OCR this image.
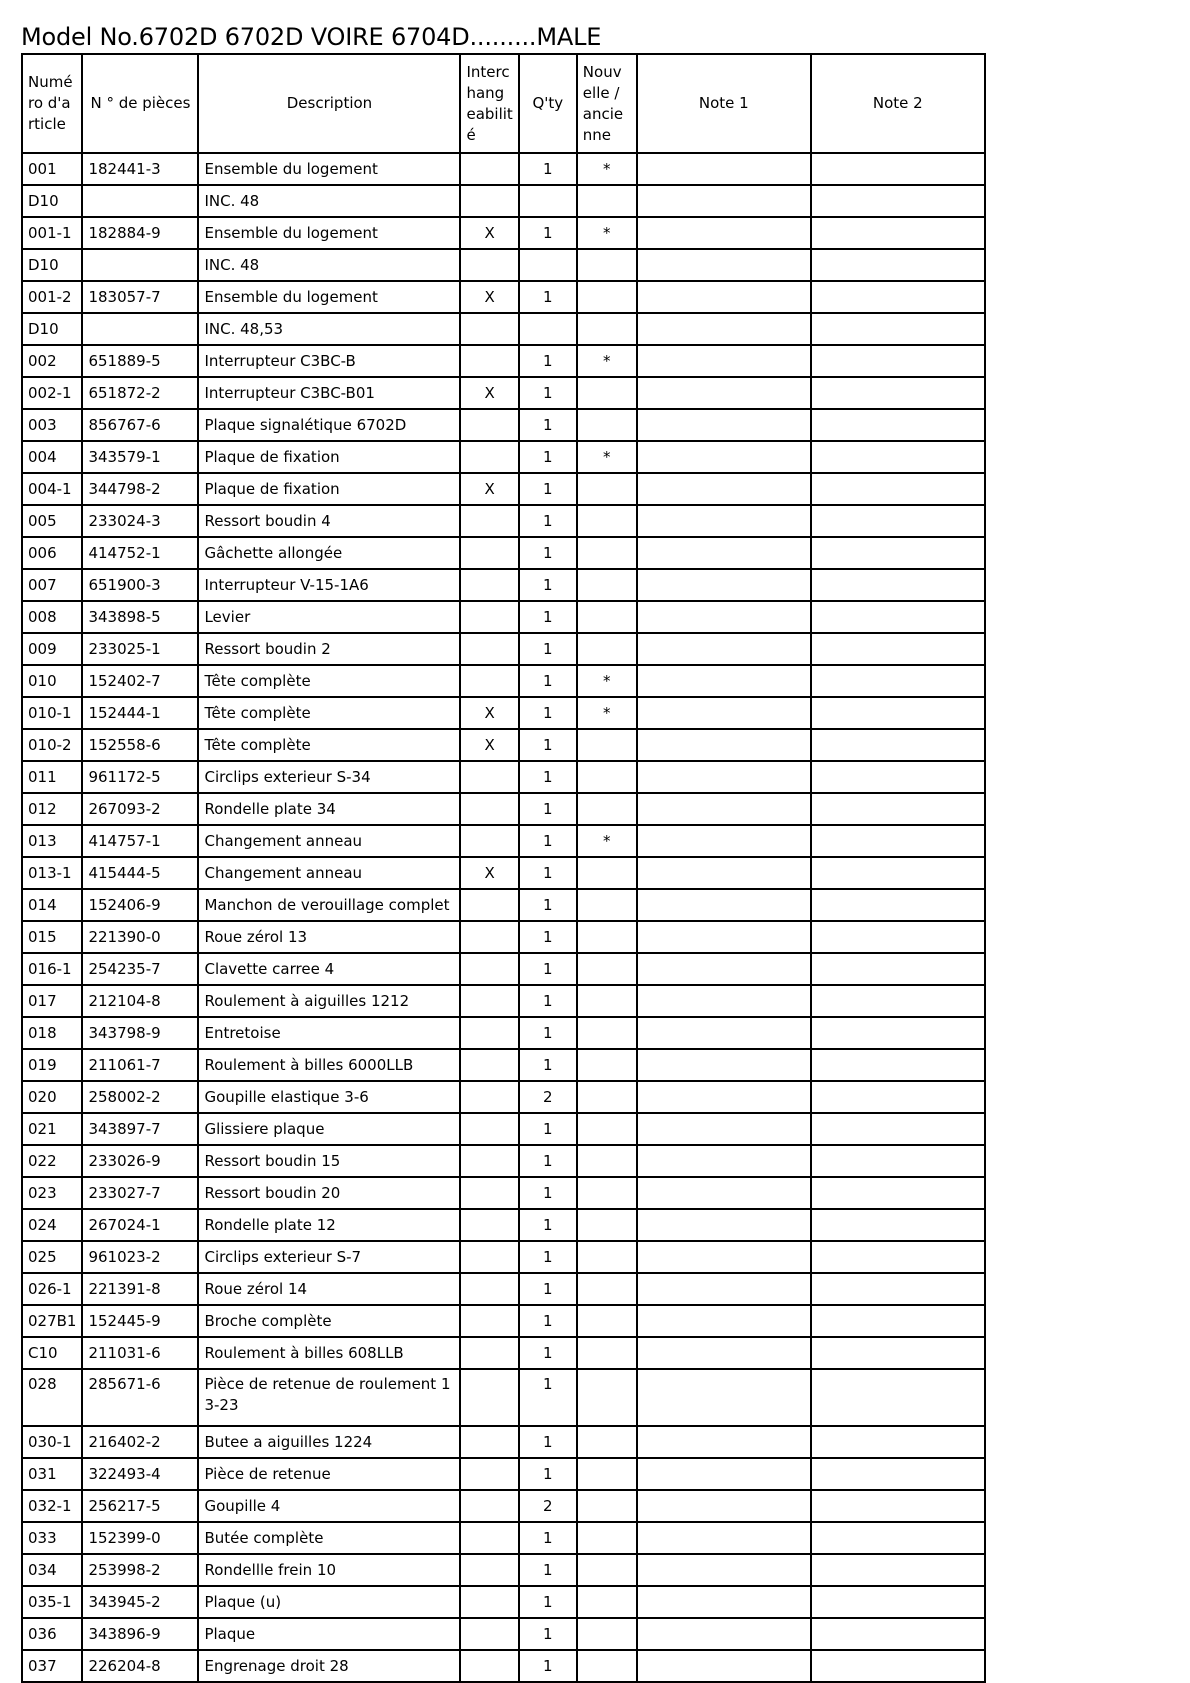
Model No.6702D 6702D VOIRE 6704D.........MALE
Numé ro d'a rticle	N ° de pièces	Description	Interc hang eabilit é	Q'ty	Nouv elle / ancie nne	Note 1	Note 2
001	182441-3	Ensemble du logement		1	*		
D10		INC. 48					
001-1	182884-9	Ensemble du logement	X	1	*		
D10		INC. 48					
001-2	183057-7	Ensemble du logement	X	1			
D10		INC. 48,53					
002	651889-5	Interrupteur C3BC-B		1	*		
002-1	651872-2	Interrupteur C3BC-B01	X	1			
003	856767-6	Plaque signalétique 6702D		1			
004	343579-1	Plaque de fixation		1	*		
004-1	344798-2	Plaque de fixation	X	1			
005	233024-3	Ressort boudin 4		1			
006	414752-1	Gâchette allongée		1			
007	651900-3	Interrupteur V-15-1A6		1			
008	343898-5	Levier		1			
009	233025-1	Ressort boudin 2		1			
010	152402-7	Tête complète		1	*		
010-1	152444-1	Tête complète	X	1	*		
010-2	152558-6	Tête complète	X	1			
011	961172-5	Circlips exterieur S-34		1			
012	267093-2	Rondelle plate 34		1			
013	414757-1	Changement anneau		1	*		
013-1	415444-5	Changement anneau	X	1			
014	152406-9	Manchon de verouillage complet		1			
015	221390-0	Roue zérol 13		1			
016-1	254235-7	Clavette carree 4		1			
017	212104-8	Roulement à aiguilles 1212		1			
018	343798-9	Entretoise		1			
019	211061-7	Roulement à billes 6000LLB		1			
020	258002-2	Goupille elastique 3-6		2			
021	343897-7	Glissiere plaque		1			
022	233026-9	Ressort boudin 15		1			
023	233027-7	Ressort boudin 20		1			
024	267024-1	Rondelle plate 12		1			
025	961023-2	Circlips exterieur S-7		1			
026-1	221391-8	Roue zérol 14		1			
027B1	152445-9	Broche complète		1			
C10	211031-6	Roulement à billes 608LLB		1			
028	285671-6	Pièce de retenue de roulement 1 3-23		1			
030-1	216402-2	Butee a aiguilles 1224		1			
031	322493-4	Pièce de retenue		1			
032-1	256217-5	Goupille 4		2			
033	152399-0	Butée complète		1			
034	253998-2	Rondellle frein 10		1			
035-1	343945-2	Plaque (u)		1			
036	343896-9	Plaque		1			
037	226204-8	Engrenage droit 28		1			
